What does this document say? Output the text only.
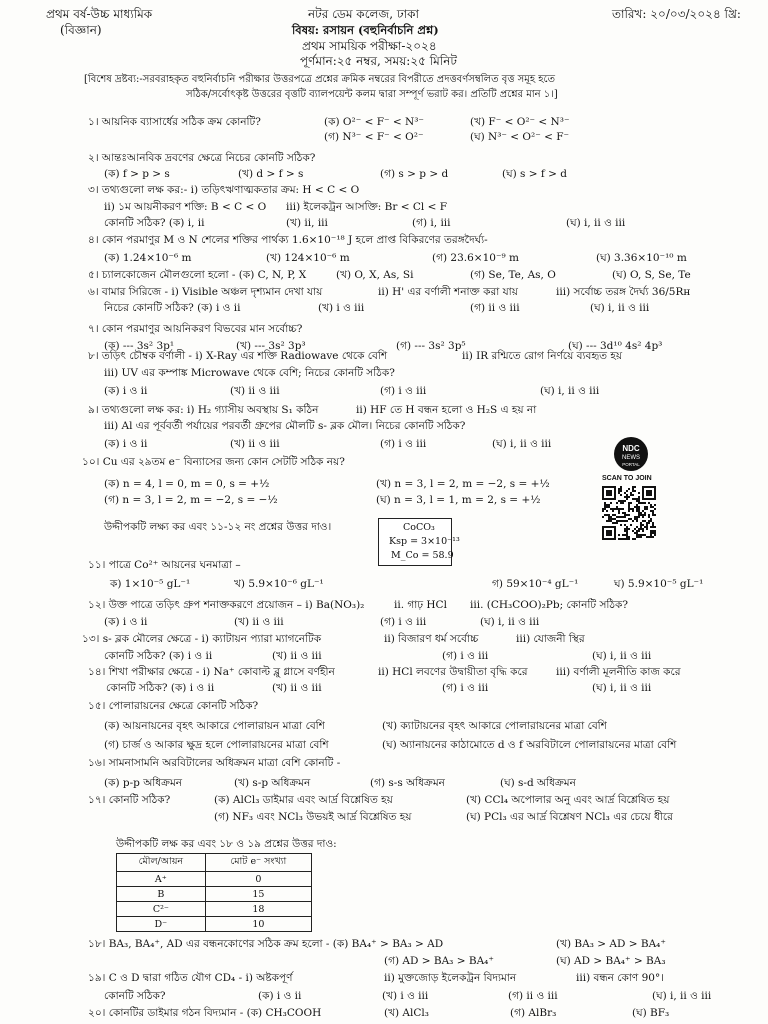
প্রথম বর্ষ-উচ্চ মাধ্যমিক
(বিজ্ঞান)
নটর ডেম কলেজ, ঢাকা	তারিখ: ২০/০৩/২০২৪ খ্রি:
বিষয়: রসায়ন (বহুনির্বাচনি প্রশ্ন)
প্রথম সাময়িক পরীক্ষা-২০২৪
পূর্ণমান:২৫ নম্বর, সময়:২৫ মিনিট
[বিশেষ দ্রষ্টব্য:-সরবরাহকৃত বহুনির্বাচনি পরীক্ষার উত্তরপত্রে প্রশ্নের ক্রমিক নম্বরের বিপরীতে প্রদত্তবর্ণসম্বলিত বৃত্ত সমূহ হতে
সঠিক/সর্বোৎকৃষ্ট উত্তরের বৃত্তটি ব্যালপয়েন্ট কলম দ্বারা সম্পূর্ণ ভরাট কর। প্রতিটি প্রশ্নের মান ১।]
১। আয়নিক ব্যাসার্ধের সঠিক ক্রম কোনটি?	(ক) O²⁻ < F⁻ < N³⁻	(খ) F⁻ < O²⁻ < N³⁻
(গ) N³⁻ < F⁻ < O²⁻	(ঘ) N³⁻ < O²⁻ < F⁻
২। আন্তঃআনবিক দ্রবণের ক্ষেত্রে নিচের কোনটি সঠিক?
(ক) f > p > s	(খ) d > f > s	(গ) s > p > d	(ঘ) s > f > d
৩। তথ্যগুলো লক্ষ কর:- i) তড়িৎঋণাত্মকতার ক্রম: H < C < O
ii) ১ম আয়নীকরণ শক্তি: B < C < O iii) ইলেকট্রন আসক্তি: Br < Cl < F
কোনটি সঠিক? (ক) i, ii	(খ) ii, iii	(গ) i, iii	(ঘ) i, ii ও iii
৪। কোন পরমাণুর M ও N শেলের শক্তির পার্থক্য 1.6×10⁻¹⁸ J হলে প্রাপ্ত বিকিরণের তরঙ্গদৈর্ঘ্য-
(ক) 1.24×10⁻⁶ m	(খ) 124×10⁻⁶ m	(গ) 23.6×10⁻⁹ m	(ঘ) 3.36×10⁻¹⁰ m
৫। চ্যালকোজেন মৌলগুলো হলো - (ক) C, N, P, X	(খ) O, X, As, Si	(গ) Se, Te, As, O	(ঘ) O, S, Se, Te
৬। বামার সিরিজে - i) Visible অঞ্চল দৃশ্যমান দেখা যায়	ii) H' এর বর্ণালী শনাক্ত করা যায়	iii) সর্বোচ্চ তরঙ্গ দৈর্ঘ্য 36/5Rн
নিচের কোনটি সঠিক? (ক) i ও ii	(খ) i ও iii	(গ) ii ও iii	(ঘ) i, ii ও iii
৭। কোন পরমাণুর আয়নিকরণ বিভবের মান সর্বোচ্চ?
(ক) --- 3s² 3p¹	(খ) --- 3s² 3p³	(গ) --- 3s² 3p⁵	(ঘ) --- 3d¹⁰ 4s² 4p³
৮। তড়িৎ চৌম্বক বর্ণালী - i) X-Ray এর শক্তি Radiowave থেকে বেশি	ii) IR রশ্মিতে রোগ নির্ণয়ে ব্যবহৃত হয়
iii) UV এর কম্পাঙ্ক Microwave থেকে বেশি; নিচের কোনটি সঠিক?
(ক) i ও ii	(খ) ii ও iii	(গ) i ও iii	(ঘ) i, ii ও iii
৯। তথ্যগুলো লক্ষ কর: i) H₂ গ্যাসীয় অবস্থায় S₁ কঠিন	ii) HF তে H বন্ধন হলো ও H₂S এ হয় না
iii) Al এর পূর্ববর্তী পর্যায়ের পরবর্তী গ্রুপের মৌলটি s- ব্লক মৌল। নিচের কোনটি সঠিক?
(ক) i ও ii	(খ) ii ও iii	(গ) i ও iii	(ঘ) i, ii ও iii
১০। Cu এর ২৯তম e⁻ বিন্যাসের জন্য কোন সেটটি সঠিক নয়?
(ক) n = 4, l = 0, m = 0, s = +½	(খ) n = 3, l = 2, m = −2, s = +½
(গ) n = 3, l = 2, m = −2, s = −½	(ঘ) n = 3, l = 1, m = 2, s = +½
NDC
NEWS
PORTAL
SCAN TO JOIN
উদ্দীপকটি লক্ষ্য কর এবং ১১-১২ নং প্রশ্নের উত্তর দাও।	CoCO₃
Ksp = 3×10⁻¹³
M_Co = 58.9
১১। পাত্রে Co²⁺ আয়নের ঘনমাত্রা –
ক) 1×10⁻⁵ gL⁻¹	খ) 5.9×10⁻⁶ gL⁻¹	গ) 59×10⁻⁴ gL⁻¹	ঘ) 5.9×10⁻⁵ gL⁻¹
১২। উক্ত পাত্রে তড়িৎ গ্রুপ শনাক্তকরণে প্রয়োজন – i) Ba(NO₃)₂	ii. গাঢ় HCl iii. (CH₃COO)₂Pb; কোনটি সঠিক?
(ক) i ও ii	(খ) ii ও iii	(গ) i ও iii	(ঘ) i, ii ও iii
১৩। s- ব্লক মৌলের ক্ষেত্রে - i) ক্যাটায়ন প্যারা ম্যাগনেটিক	ii) বিজারণ ধর্ম সর্বোচ্চ	iii) যোজনী স্থির
কোনটি সঠিক? (ক) i ও ii	(খ) ii ও iii	(গ) i ও iii	(ঘ) i, ii ও iii
১৪। শিখা পরীক্ষার ক্ষেত্রে - i) Na⁺ কোবাল্ট ব্লু গ্লাসে বর্ণহীন	ii) HCl লবণের উদ্বায়ীতা বৃদ্ধি করে	iii) বর্ণালী মূলনীতি কাজ করে
কোনটি সঠিক? (ক) i ও ii	(খ) ii ও iii	(গ) i ও iii	(ঘ) i, ii ও iii
১৫। পোলারায়নের ক্ষেত্রে কোনটি সঠিক?
(ক) আয়নায়নের বৃহৎ আকারে পোলারায়ন মাত্রা বেশি	(খ) ক্যাটায়নের বৃহৎ আকারে পোলারায়নের মাত্রা বেশি
(গ) চার্জ ও আকার ক্ষুদ্র হলে পোলারায়নের মাত্রা বেশি	(ঘ) অ্যানায়নের কাঠামোতে d ও f অরবিটালে পোলারায়নের মাত্রা বেশি
১৬। সামনাসামনি অরবিটালের অধিক্রমন মাত্রা বেশি কোনটি -
(ক) p-p অধিক্রমন	(খ) s-p অধিক্রমন	(গ) s-s অধিক্রমন	(ঘ) s-d অধিক্রমন
১৭। কোনটি সঠিক?	(ক) AlCl₃ ডাইমার এবং আর্দ্র বিশ্লেষিত হয়	(খ) CCl₄ অপোলার অনু এবং আর্দ্র বিশ্লেষিত হয়
(গ) NF₃ এবং NCl₃ উভয়ই আর্দ্র বিশ্লেষিত হয়	(ঘ) PCl₃ এর আর্দ্র বিশ্লেষণ NCl₃ এর চেয়ে ধীরে
উদ্দীপকটি লক্ষ কর এবং ১৮ ও ১৯ প্রশ্নের উত্তর দাও:
মৌল/আয়ন	মোট e⁻ সংখ্যা
A⁺	0
B	15
C²⁻	18
D⁻	10
১৮। BA₃, BA₄⁺, AD এর বন্ধনকোণের সঠিক ক্রম হলো - (ক) BA₄⁺ > BA₃ > AD	(খ) BA₃ > AD > BA₄⁺
(গ) AD > BA₃ > BA₄⁺	(ঘ) AD > BA₄⁺ > BA₃
১৯। C ও D দ্বারা গঠিত যৌগ CD₄ - i) অষ্টকপূর্ণ	ii) মুক্তজোড় ইলেকট্রন বিদ্যমান	iii) বন্ধন কোণ 90°।
কোনটি সঠিক?	(ক) i ও ii	(খ) i ও iii	(গ) ii ও iii	(ঘ) i, ii ও iii
২০। কোনটির ডাইমার গঠন বিদ্যমান - (ক) CH₃COOH	(খ) AlCl₃	(গ) AlBr₃	(ঘ) BF₃
